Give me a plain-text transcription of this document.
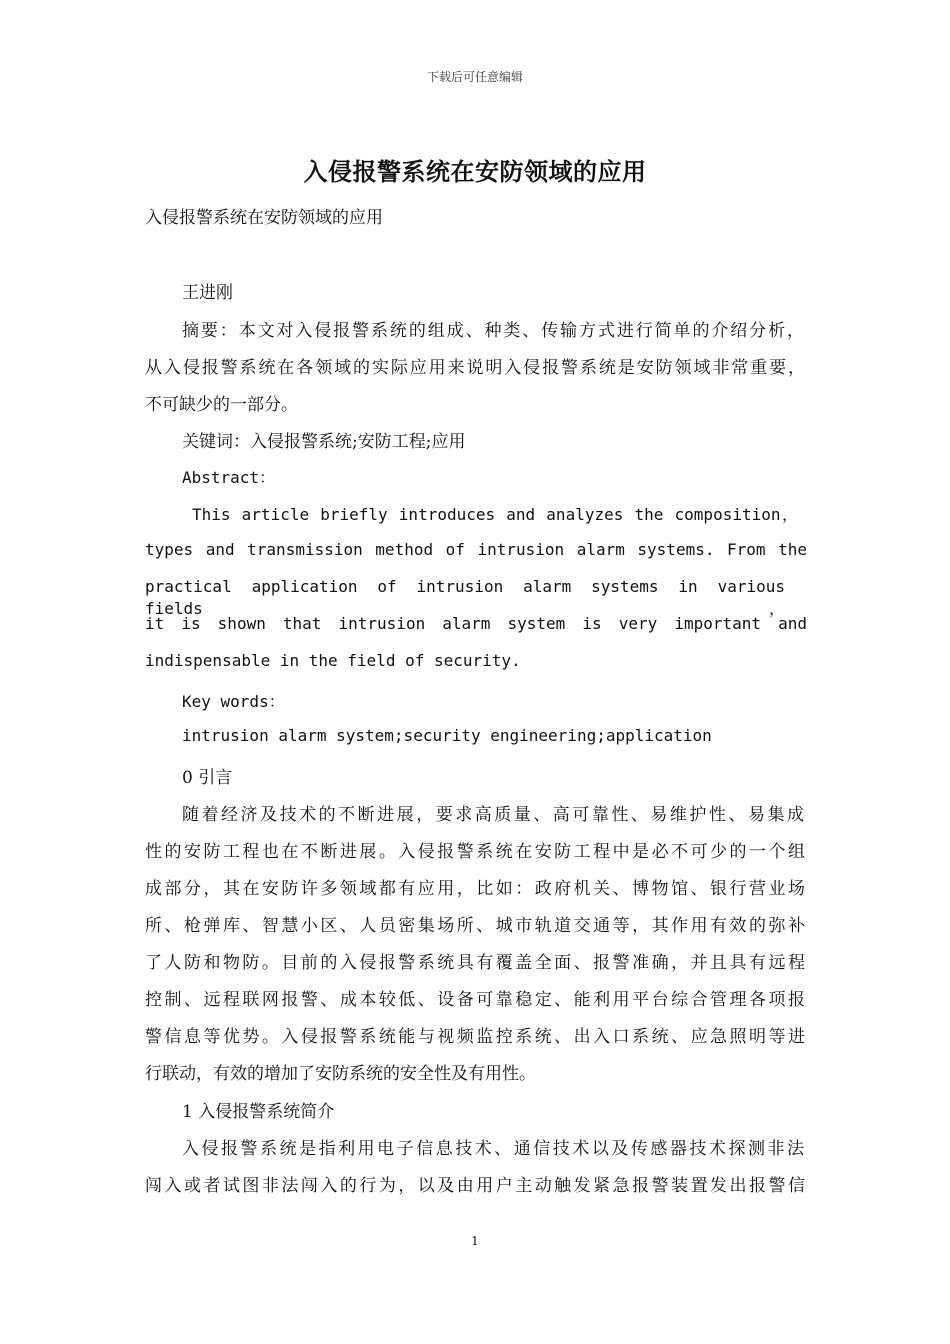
下载后可任意编辑
入侵报警系统在安防领域的应用
入侵报警系统在安防领域的应用
王进刚
摘要：本文对入侵报警系统的组成、种类、传输方式进行简单的介绍分析，
从入侵报警系统在各领域的实际应用来说明入侵报警系统是安防领域非常重要，
不可缺少的一部分。
关键词：入侵报警系统;安防工程;应用
Abstract：
This article briefly introduces and analyzes the composition，
types and transmission method of intrusion alarm systems. From the
practical application of intrusion alarm systems in various fields，
it is shown that intrusion alarm system is very important and
indispensable in the field of security.
Key words：
intrusion alarm system;security engineering;application
0 引言
随着经济及技术的不断进展，要求高质量、高可靠性、易维护性、易集成
性的安防工程也在不断进展。入侵报警系统在安防工程中是必不可少的一个组
成部分，其在安防许多领域都有应用，比如：政府机关、博物馆、银行营业场
所、枪弹库、智慧小区、人员密集场所、城市轨道交通等，其作用有效的弥补
了人防和物防。目前的入侵报警系统具有覆盖全面、报警准确，并且具有远程
控制、远程联网报警、成本较低、设备可靠稳定、能利用平台综合管理各项报
警信息等优势。入侵报警系统能与视频监控系统、出入口系统、应急照明等进
行联动，有效的增加了安防系统的安全性及有用性。
1 入侵报警系统简介
入侵报警系统是指利用电子信息技术、通信技术以及传感器技术探测非法
闯入或者试图非法闯入的行为，以及由用户主动触发紧急报警装置发出报警信
1
